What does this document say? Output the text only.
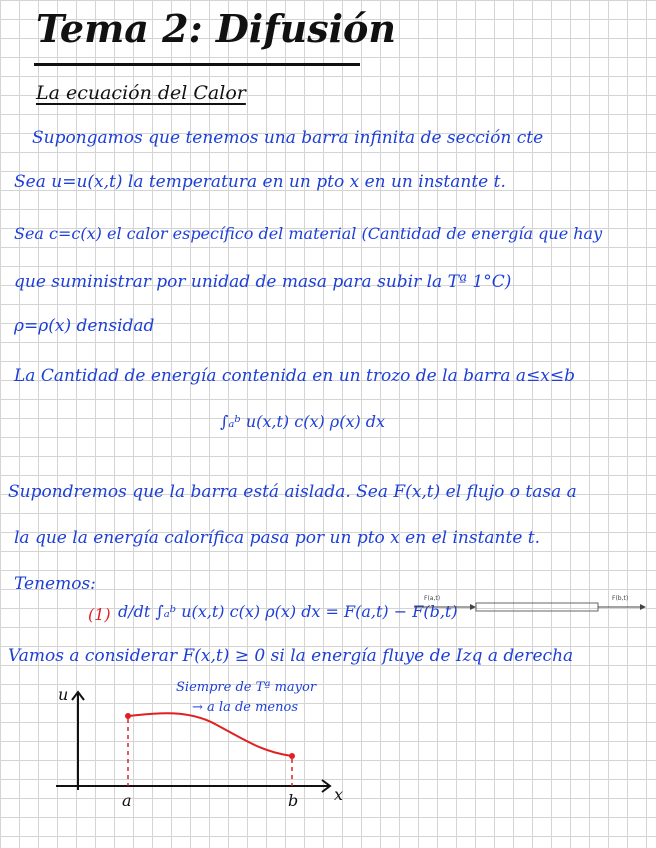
Tema 2: Difusión
La ecuación del Calor
Supongamos que tenemos una barra infinita de sección cte
Sea u=u(x,t) la temperatura en un pto x en un instante t.
Sea c=c(x) el calor específico del material (Cantidad de energía que hay
que suministrar por unidad de masa para subir la Tª 1°C)
ρ=ρ(x) densidad
La Cantidad de energía contenida en un trozo de la barra a≤x≤b
∫ₐᵇ u(x,t) c(x) ρ(x) dx
Supondremos que la barra está aislada. Sea F(x,t) el flujo o tasa a
la que la energía calorífica pasa por un pto x en el instante t.
Tenemos:
(1) d/dt ∫ₐᵇ u(x,t) c(x) ρ(x) dx = F(a,t) − F(b,t)
Vamos a considerar F(x,t) ≥ 0 si la energía fluye de Izq a derecha
Siempre de Tª mayor
→ a la de menos
F(a,t)	F(b,t)
u
x
a	b
